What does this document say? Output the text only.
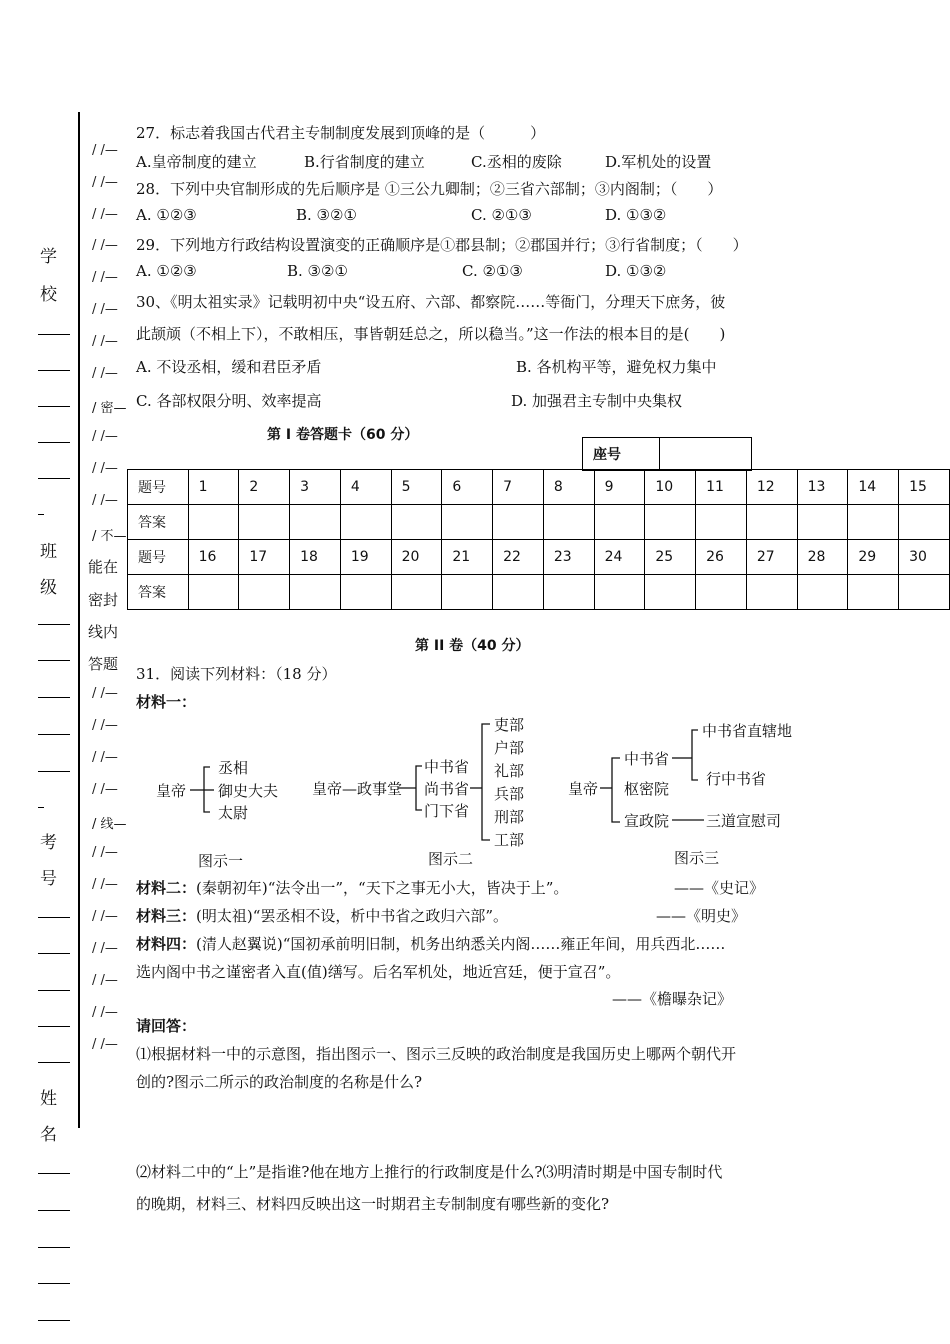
学
校
班
级
考
号
姓
名
/ /—
/ /—
/ /—
/ /—
/ /—
/ /—
/ /—
/ /—
/ 密—
/ /—
/ /—
/ /—
/ 不—
能在
密封
线内
答题
/ /—
/ /—
/ /—
/ /—
/ 线—
/ /—
/ /—
/ /—
/ /—
/ /—
/ /—
/ /—
27．标志着我国古代君主专制制度发展到顶峰的是（　　　）
A.皇帝制度的建立	B.行省制度的建立	C.丞相的废除	D.军机处的设置
28．下列中央官制形成的先后顺序是 ①三公九卿制；②三省六部制；③内阁制；（　　）
A. ①②③	B. ③②①	C. ②①③	D. ①③②
29．下列地方行政结构设置演变的正确顺序是①郡县制；②郡国并行；③行省制度；（　　）
A. ①②③	B. ③②①	C. ②①③	D. ①③②
30、《明太祖实录》记载明初中央“设五府、六部、都察院……等衙门，分理天下庶务，彼
此颉颃（不相上下），不敢相压，事皆朝廷总之，所以稳当。”这一作法的根本目的是(　　)
A. 不设丞相，缓和君臣矛盾	B. 各机构平等，避免权力集中
C. 各部权限分明、效率提高	D. 加强君主专制中央集权
第 I 卷答题卡（60 分）
座号
题号	1	2	3	4	5	6	7	8	9	10	11	12	13	14	15
答案															
题号	16	17	18	19	20	21	22	23	24	25	26	27	28	29	30
答案															
第 II 卷（40 分）
31．阅读下列材料：（18 分）
材料一：
皇帝
丞相
御史大夫
太尉
皇帝—政事堂
中书省
尚书省
门下省
吏部
户部
礼部
兵部
刑部
工部
皇帝
中书省
枢密院
宣政院
中书省直辖地
行中书省
三道宣慰司
图示一	图示二	图示三
材料二：(秦朝初年)“法令出一”，“天下之事无小大，皆决于上”。	——《史记》
材料三：(明太祖)“罢丞相不设，析中书省之政归六部”。	——《明史》
材料四：(清人赵翼说)“国初承前明旧制，机务出纳悉关内阁……雍正年间，用兵西北……
选内阁中书之谨密者入直(值)缮写。后名军机处，地近宫廷，便于宣召”。
——《檐曝杂记》
请回答：
⑴根据材料一中的示意图，指出图示一、图示三反映的政治制度是我国历史上哪两个朝代开
创的?图示二所示的政治制度的名称是什么?
⑵材料二中的“上”是指谁?他在地方上推行的行政制度是什么?⑶明清时期是中国专制时代
的晚期，材料三、材料四反映出这一时期君主专制制度有哪些新的变化?
